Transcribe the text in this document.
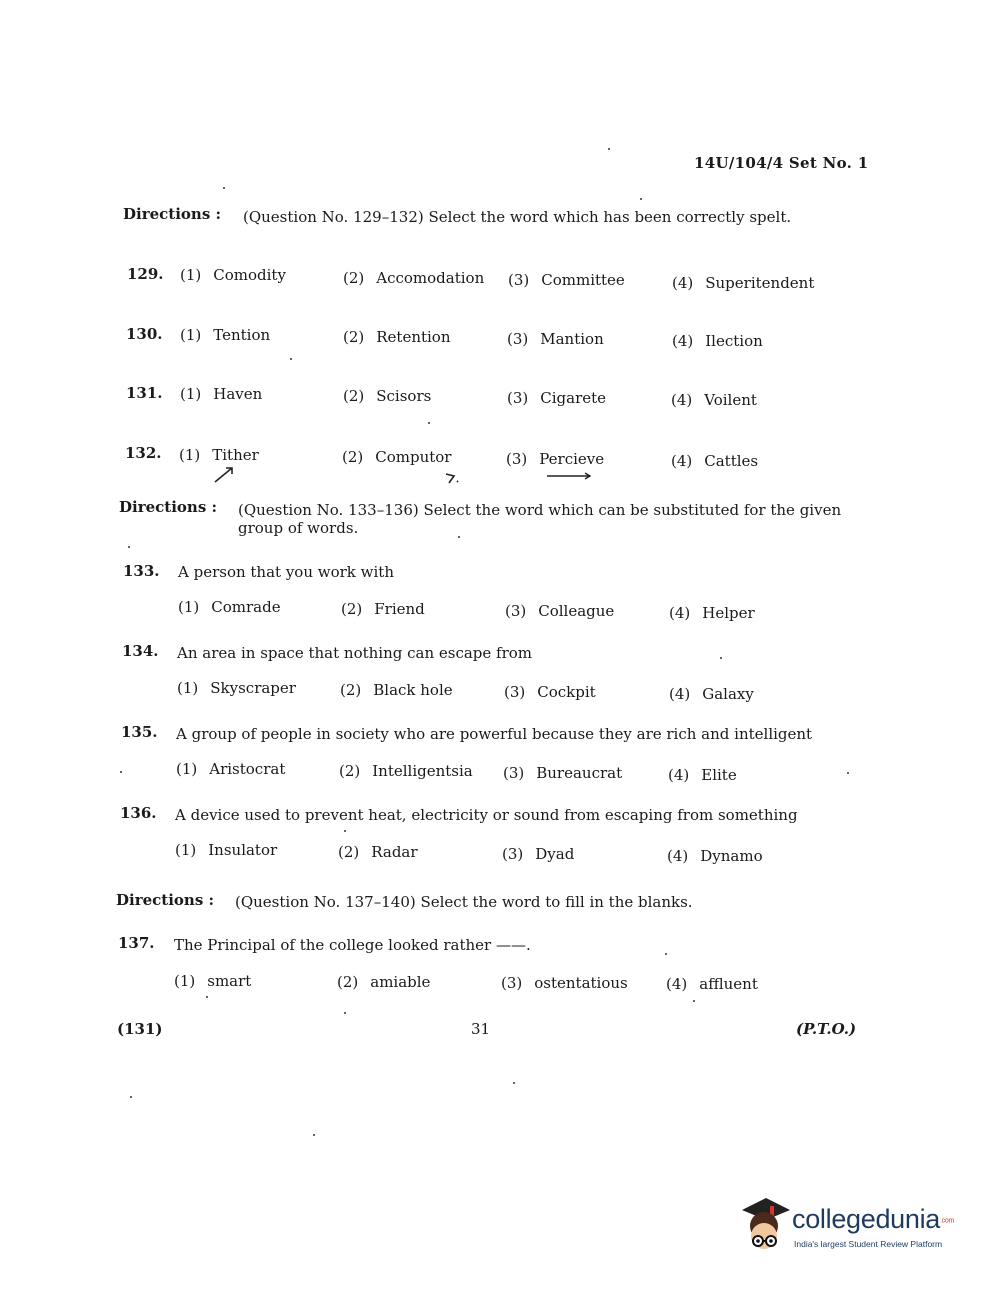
14U/104/4 Set No. 1
Directions : (Question No. 129–132) Select the word which has been correctly spelt.
129. (1) Comodity	(2) Accomodation (3) Committee	(4) Superitendent
130. (1) Tention	(2) Retention	(3) Mantion	(4) Ilection
131. (1) Haven	(2) Scisors	(3) Cigarete	(4) Voilent
132. (1) Tither	(2) Computor	(3) Percieve	(4) Cattles
Directions : (Question No. 133–136) Select the word which can be substituted for the given
group of words.
133. A person that you work with
(1) Comrade	(2) Friend	(3) Colleague	(4) Helper
134. An area in space that nothing can escape from
(1) Skyscraper	(2) Black hole	(3) Cockpit	(4) Galaxy
135. A group of people in society who are powerful because they are rich and intelligent
(1) Aristocrat	(2) Intelligentsia (3) Bureaucrat	(4) Elite
136. A device used to prevent heat, electricity or sound from escaping from something
(1) Insulator	(2) Radar	(3) Dyad	(4) Dynamo
Directions : (Question No. 137–140) Select the word to fill in the blanks.
137. The Principal of the college looked rather ——.
(1) smart	(2) amiable	(3) ostentatious	(4) affluent
(131)	31	(P.T.O.)
collegedunia.com
India's largest Student Review Platform
